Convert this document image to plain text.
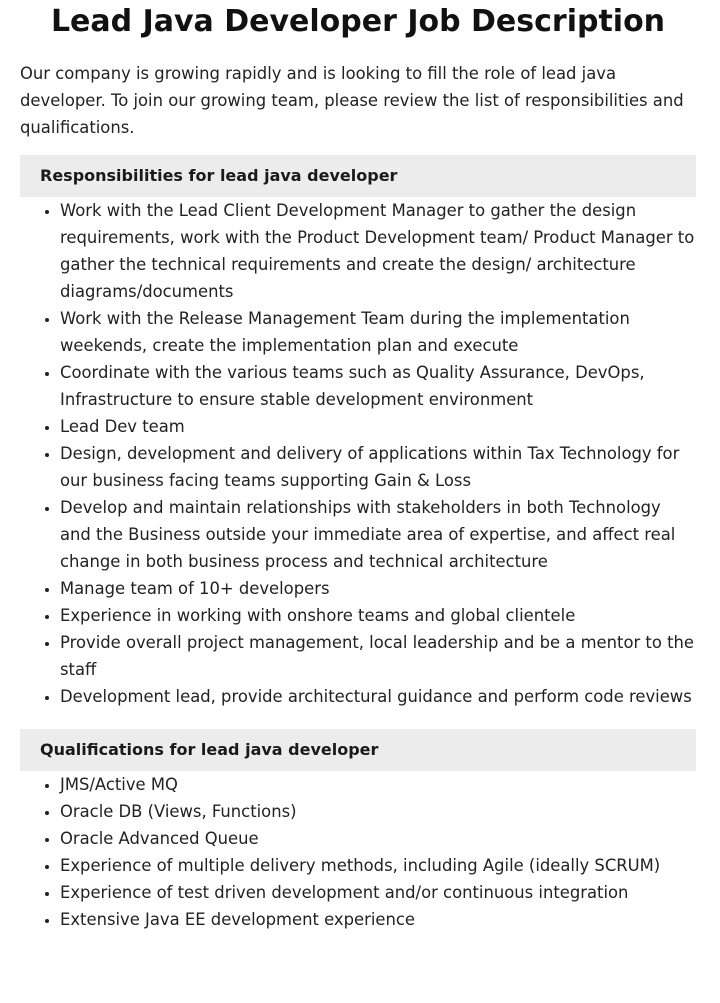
Lead Java Developer Job Description

Our company is growing rapidly and is looking to fill the role of lead java developer. To join our growing team, please review the list of responsibilities and qualifications.

Responsibilities for lead java developer
• Work with the Lead Client Development Manager to gather the design requirements, work with the Product Development team/ Product Manager to gather the technical requirements and create the design/ architecture diagrams/documents
• Work with the Release Management Team during the implementation weekends, create the implementation plan and execute
• Coordinate with the various teams such as Quality Assurance, DevOps, Infrastructure to ensure stable development environment
• Lead Dev team
• Design, development and delivery of applications within Tax Technology for our business facing teams supporting Gain & Loss
• Develop and maintain relationships with stakeholders in both Technology and the Business outside your immediate area of expertise, and affect real change in both business process and technical architecture
• Manage team of 10+ developers
• Experience in working with onshore teams and global clientele
• Provide overall project management, local leadership and be a mentor to the staff
• Development lead, provide architectural guidance and perform code reviews
Qualifications for lead java developer
• JMS/Active MQ
• Oracle DB (Views, Functions)
• Oracle Advanced Queue
• Experience of multiple delivery methods, including Agile (ideally SCRUM)
• Experience of test driven development and/or continuous integration
• Extensive Java EE development experience
